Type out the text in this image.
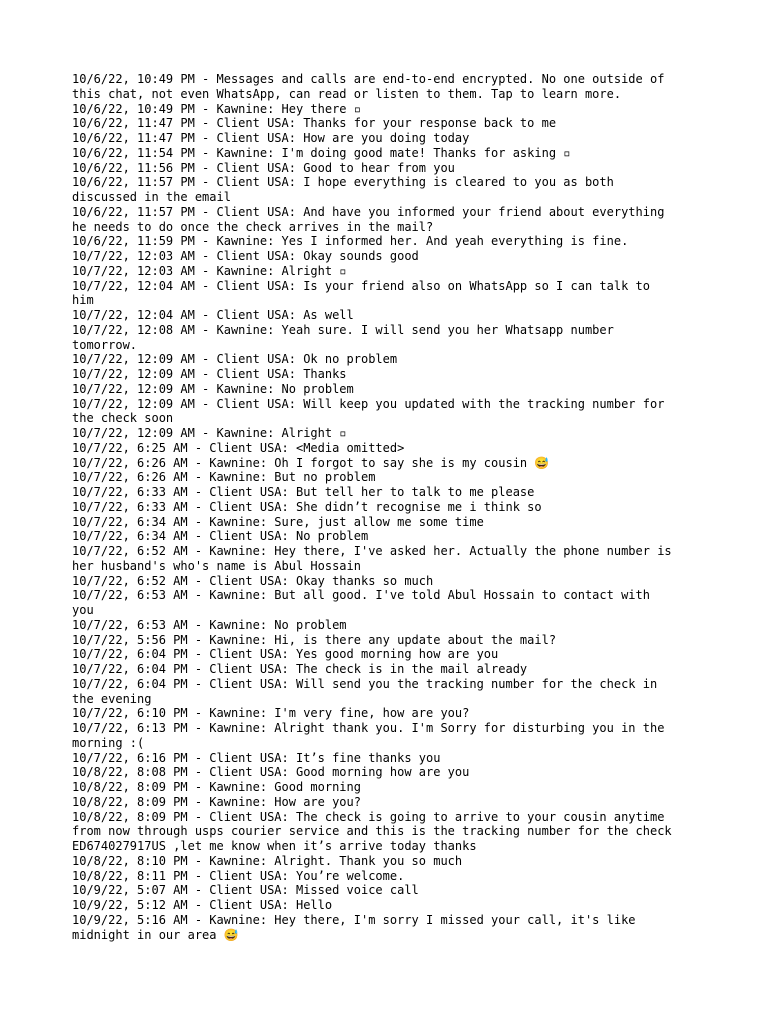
10/6/22, 10:49 PM - Messages and calls are end-to-end encrypted. No one outside of
this chat, not even WhatsApp, can read or listen to them. Tap to learn more.
10/6/22, 10:49 PM - Kawnine: Hey there ▫
10/6/22, 11:47 PM - Client USA: Thanks for your response back to me
10/6/22, 11:47 PM - Client USA: How are you doing today
10/6/22, 11:54 PM - Kawnine: I'm doing good mate! Thanks for asking ▫
10/6/22, 11:56 PM - Client USA: Good to hear from you
10/6/22, 11:57 PM - Client USA: I hope everything is cleared to you as both
discussed in the email
10/6/22, 11:57 PM - Client USA: And have you informed your friend about everything
he needs to do once the check arrives in the mail?
10/6/22, 11:59 PM - Kawnine: Yes I informed her. And yeah everything is fine.
10/7/22, 12:03 AM - Client USA: Okay sounds good
10/7/22, 12:03 AM - Kawnine: Alright ▫
10/7/22, 12:04 AM - Client USA: Is your friend also on WhatsApp so I can talk to
him
10/7/22, 12:04 AM - Client USA: As well
10/7/22, 12:08 AM - Kawnine: Yeah sure. I will send you her Whatsapp number
tomorrow.
10/7/22, 12:09 AM - Client USA: Ok no problem
10/7/22, 12:09 AM - Client USA: Thanks
10/7/22, 12:09 AM - Kawnine: No problem
10/7/22, 12:09 AM - Client USA: Will keep you updated with the tracking number for
the check soon
10/7/22, 12:09 AM - Kawnine: Alright ▫
10/7/22, 6:25 AM - Client USA: <Media omitted>
10/7/22, 6:26 AM - Kawnine: Oh I forgot to say she is my cousin 😅
10/7/22, 6:26 AM - Kawnine: But no problem
10/7/22, 6:33 AM - Client USA: But tell her to talk to me please
10/7/22, 6:33 AM - Client USA: She didn’t recognise me i think so
10/7/22, 6:34 AM - Kawnine: Sure, just allow me some time
10/7/22, 6:34 AM - Client USA: No problem
10/7/22, 6:52 AM - Kawnine: Hey there, I've asked her. Actually the phone number is
her husband's who's name is Abul Hossain
10/7/22, 6:52 AM - Client USA: Okay thanks so much
10/7/22, 6:53 AM - Kawnine: But all good. I've told Abul Hossain to contact with
you
10/7/22, 6:53 AM - Kawnine: No problem
10/7/22, 5:56 PM - Kawnine: Hi, is there any update about the mail?
10/7/22, 6:04 PM - Client USA: Yes good morning how are you
10/7/22, 6:04 PM - Client USA: The check is in the mail already
10/7/22, 6:04 PM - Client USA: Will send you the tracking number for the check in
the evening
10/7/22, 6:10 PM - Kawnine: I'm very fine, how are you?
10/7/22, 6:13 PM - Kawnine: Alright thank you. I'm Sorry for disturbing you in the
morning :(
10/7/22, 6:16 PM - Client USA: It’s fine thanks you
10/8/22, 8:08 PM - Client USA: Good morning how are you
10/8/22, 8:09 PM - Kawnine: Good morning
10/8/22, 8:09 PM - Kawnine: How are you?
10/8/22, 8:09 PM - Client USA: The check is going to arrive to your cousin anytime
from now through usps courier service and this is the tracking number for the check
ED674027917US ,let me know when it’s arrive today thanks
10/8/22, 8:10 PM - Kawnine: Alright. Thank you so much
10/8/22, 8:11 PM - Client USA: You’re welcome.
10/9/22, 5:07 AM - Client USA: Missed voice call
10/9/22, 5:12 AM - Client USA: Hello
10/9/22, 5:16 AM - Kawnine: Hey there, I'm sorry I missed your call, it's like
midnight in our area 😅
